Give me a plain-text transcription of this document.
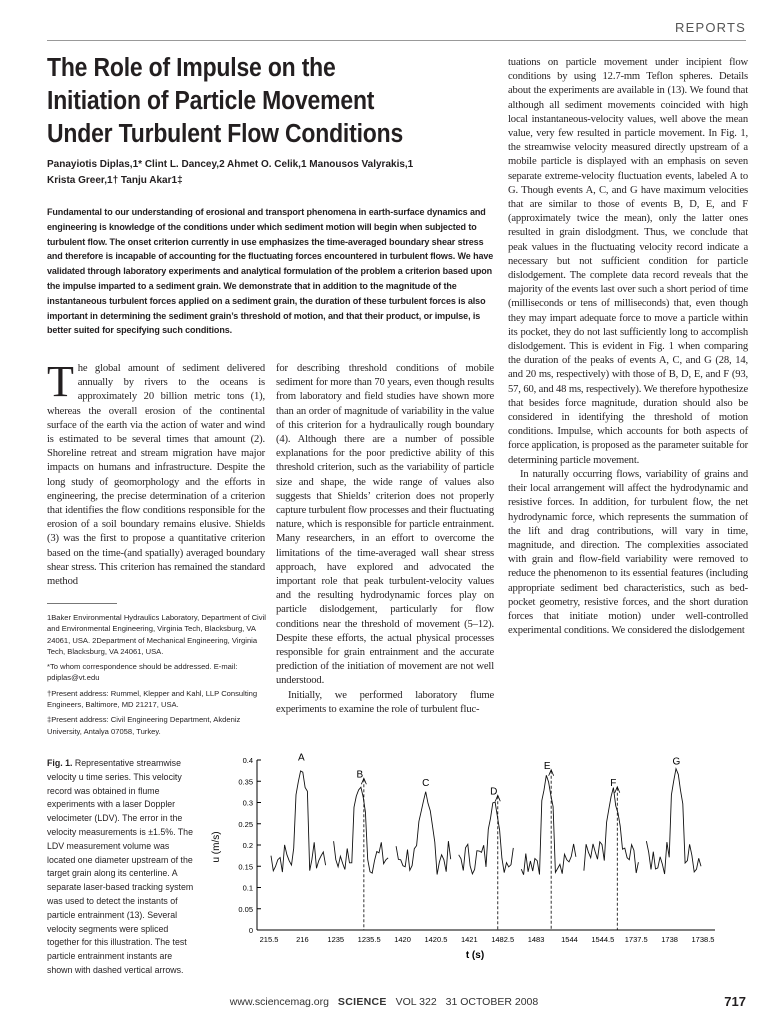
REPORTS
The Role of Impulse on the Initiation of Particle Movement Under Turbulent Flow Conditions
Panayiotis Diplas,1* Clint L. Dancey,2 Ahmet O. Celik,1 Manousos Valyrakis,1
Krista Greer,1† Tanju Akar1‡

Fundamental to our understanding of erosional and transport phenomena in earth-surface dynamics and engineering is knowledge of the conditions under which sediment motion will begin when subjected to turbulent flow. The onset criterion currently in use emphasizes the time-averaged boundary shear stress and therefore is incapable of accounting for the fluctuating forces encountered in turbulent flows. We have validated through laboratory experiments and analytical formulation of the problem a criterion based upon the impulse imparted to a sediment grain. We demonstrate that in addition to the magnitude of the instantaneous turbulent forces applied on a sediment grain, the duration of these turbulent forces is also important in determining the sediment grain’s threshold of motion, and that their product, or impulse, is better suited for specifying such conditions.

The global amount of sediment delivered annually by rivers to the oceans is approximately 20 billion metric tons (1), whereas the overall erosion of the continental surface of the earth via the action of water and wind is estimated to be several times that amount (2). Shoreline retreat and stream migration have major impacts on humans and infrastructure. Despite the long study of geomorphology and the efforts in engineering, the precise determination of a criterion that identifies the flow conditions responsible for the erosion of a soil boundary remains elusive. Shields (3) was the first to propose a quantitative criterion based on the time-(and spatially) averaged boundary shear stress. This criterion has remained the standard method

1Baker Environmental Hydraulics Laboratory, Department of Civil and Environmental Engineering, Virginia Tech, Blacksburg, VA 24061, USA. 2Department of Mechanical Engineering, Virginia Tech, Blacksburg, VA 24061, USA.

*To whom correspondence should be addressed. E-mail: pdiplas@vt.edu

†Present address: Rummel, Klepper and Kahl, LLP Consulting Engineers, Baltimore, MD 21217, USA.

‡Present address: Civil Engineering Department, Akdeniz University, Antalya 07058, Turkey.

for describing threshold conditions of mobile sediment for more than 70 years, even though results from laboratory and field studies have shown more than an order of magnitude of variability in the value of this criterion for a hydraulically rough boundary (4). Although there are a number of possible explanations for the poor predictive ability of this threshold criterion, such as the variability of particle size and shape, the wide range of values also suggests that Shields’ criterion does not properly capture turbulent flow processes and their fluctuating nature, which is responsible for particle entrainment. Many researchers, in an effort to overcome the limitations of the time-averaged wall shear stress approach, have explored and advocated the important role that peak turbulent-velocity values and the resulting hydrodynamic forces play on particle dislodgement, particularly for flow conditions near the threshold of movement (5–12). Despite these efforts, the actual physical processes responsible for grain entrainment and the accurate prediction of the initiation of movement are not well understood.

Initially, we performed laboratory flume experiments to examine the role of turbulent fluc-

tuations on particle movement under incipient flow conditions by using 12.7-mm Teflon spheres. Details about the experiments are available in (13). We found that although all sediment movements coincided with high local instantaneous-velocity values, well above the mean value, very few resulted in particle movement. In Fig. 1, the streamwise velocity measured directly upstream of a mobile particle is displayed with an emphasis on seven separate extreme-velocity fluctuation events, labeled A to G. Though events A, C, and G have maximum velocities that are similar to those of events B, D, E, and F (approximately twice the mean), only the latter ones resulted in grain dislodgment. Thus, we conclude that peak values in the fluctuating velocity record indicate a necessary but not sufficient condition for particle dislodgement. The complete data record reveals that the majority of the events last over such a short period of time (milliseconds or tens of milliseconds) that, even though they may impart adequate force to move a particle within its pocket, they do not last sufficiently long to accomplish dislodgement. This is evident in Fig. 1 when comparing the duration of the peaks of events A, C, and G (28, 14, and 20 ms, respectively) with those of B, D, E, and F (93, 57, 60, and 48 ms, respectively). We therefore hypothesize that besides force magnitude, duration should also be considered in identifying the threshold of motion conditions. Impulse, which accounts for both aspects of force application, is proposed as the parameter suitable for determining particle movement.

In naturally occurring flows, variability of grains and their local arrangement will affect the hydrodynamic and resistive forces. In addition, for turbulent flow, the net hydrodynamic force, which represents the summation of the lift and drag contributions, will vary in time, magnitude, and direction. The complexities associated with grain and flow-field variability were removed to reduce the phenomenon to its essential features (including appropriate sediment bed characteristics, such as bed-pocket geometry, resistive forces, and the short duration forces that initiate motion) under well-controlled experimental conditions. We considered the dislodgement

Fig. 1. Representative streamwise velocity u time series. This velocity record was obtained in flume experiments with a laser Doppler velocimeter (LDV). The error in the velocity measurements is ±1.5%. The LDV measurement volume was located one diameter upstream of the target grain along its centerline. A separate laser-based tracking system was used to detect the instants of particle entrainment (13). Several velocity segments were spliced together for this illustration. The test particle entrainment instants are shown with dashed vertical arrows.

u (m/s)
t (s)
0
0.05
0.1
0.15
0.2
0.25
0.3
0.35
0.4
215.5 216	1235 1235.5 1420 1420.5 1421 1482.5 1483 1544 1544.5 1737.5 1738 1738.5
A
B
C
D
E
F
G
www.sciencemag.org SCIENCE VOL 322 31 OCTOBER 2008	717
